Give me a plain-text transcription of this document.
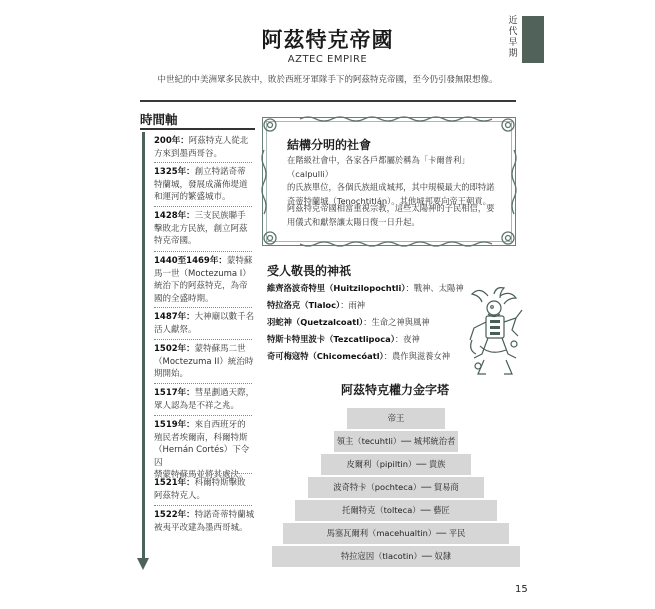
阿茲特克帝國
AZTEC EMPIRE
中世紀的中美洲眾多民族中，敗於西班牙軍隊手下的阿茲特克帝國，至今仍引發無限想像。
近
代
早
期
時間軸
200年：阿茲特克人從北
方來到墨西哥谷。
1325年：創立特諾奇蒂
特蘭城，發展成滿佈堤道
和運河的繁盛城市。
1428年：三支民族聯手
擊敗北方民族，創立阿茲
特克帝國。
1440至1469年：蒙特蘇
馬一世（Moctezuma I）
統治下的阿茲特克，為帝
國的全盛時期。
1487年：大神廟以數千名
活人獻祭。
1502年：蒙特蘇馬二世
（Moctezuma II）統治時
期開始。
1517年：彗星劃過天際，
眾人認為是不祥之兆。
1519年：來自西班牙的
殖民者埃爾南，科爾特斯
（Hernán Cortés）下令囚
禁蒙特蘇馬並將其處決。
1521年：科爾特斯擊敗
阿茲特克人。
1522年：特諾奇蒂特蘭城
被夷平改建為墨西哥城。
結構分明的社會
在階級社會中，各家各戶都屬於稱為「卡爾普利」（calpulli）
的氏族單位，各個氏族組成城邦，其中規模最大的即特諾
奇蒂特蘭城（Tenochtitlán）。其他城邦要向帝王朝貢。
阿茲特克帝國相當重視宗教，這些太陽神的子民相信，要
用儀式和獻祭讓太陽日復一日升起。
受人敬畏的神祇
維齊洛波奇特里（Huitzilopochtli）：戰神、太陽神
特拉洛克（Tlaloc）：雨神
羽蛇神（Quetzalcoatl）：生命之神與風神
特斯卡特里波卡（Tezcatlipoca）：夜神
奇可梅寇特（Chicomecóatl）：農作與滋養女神
阿茲特克權力金字塔
帝王
領主（tecuhtli）── 城邦統治者
皮爾利（pipiltin）── 貴族
波奇特卡（pochteca）── 貿易商
托爾特克（tolteca）── 藝匠
馬塞瓦爾利（macehualtin）── 平民
特拉寇因（tlacotin）── 奴隸
15
